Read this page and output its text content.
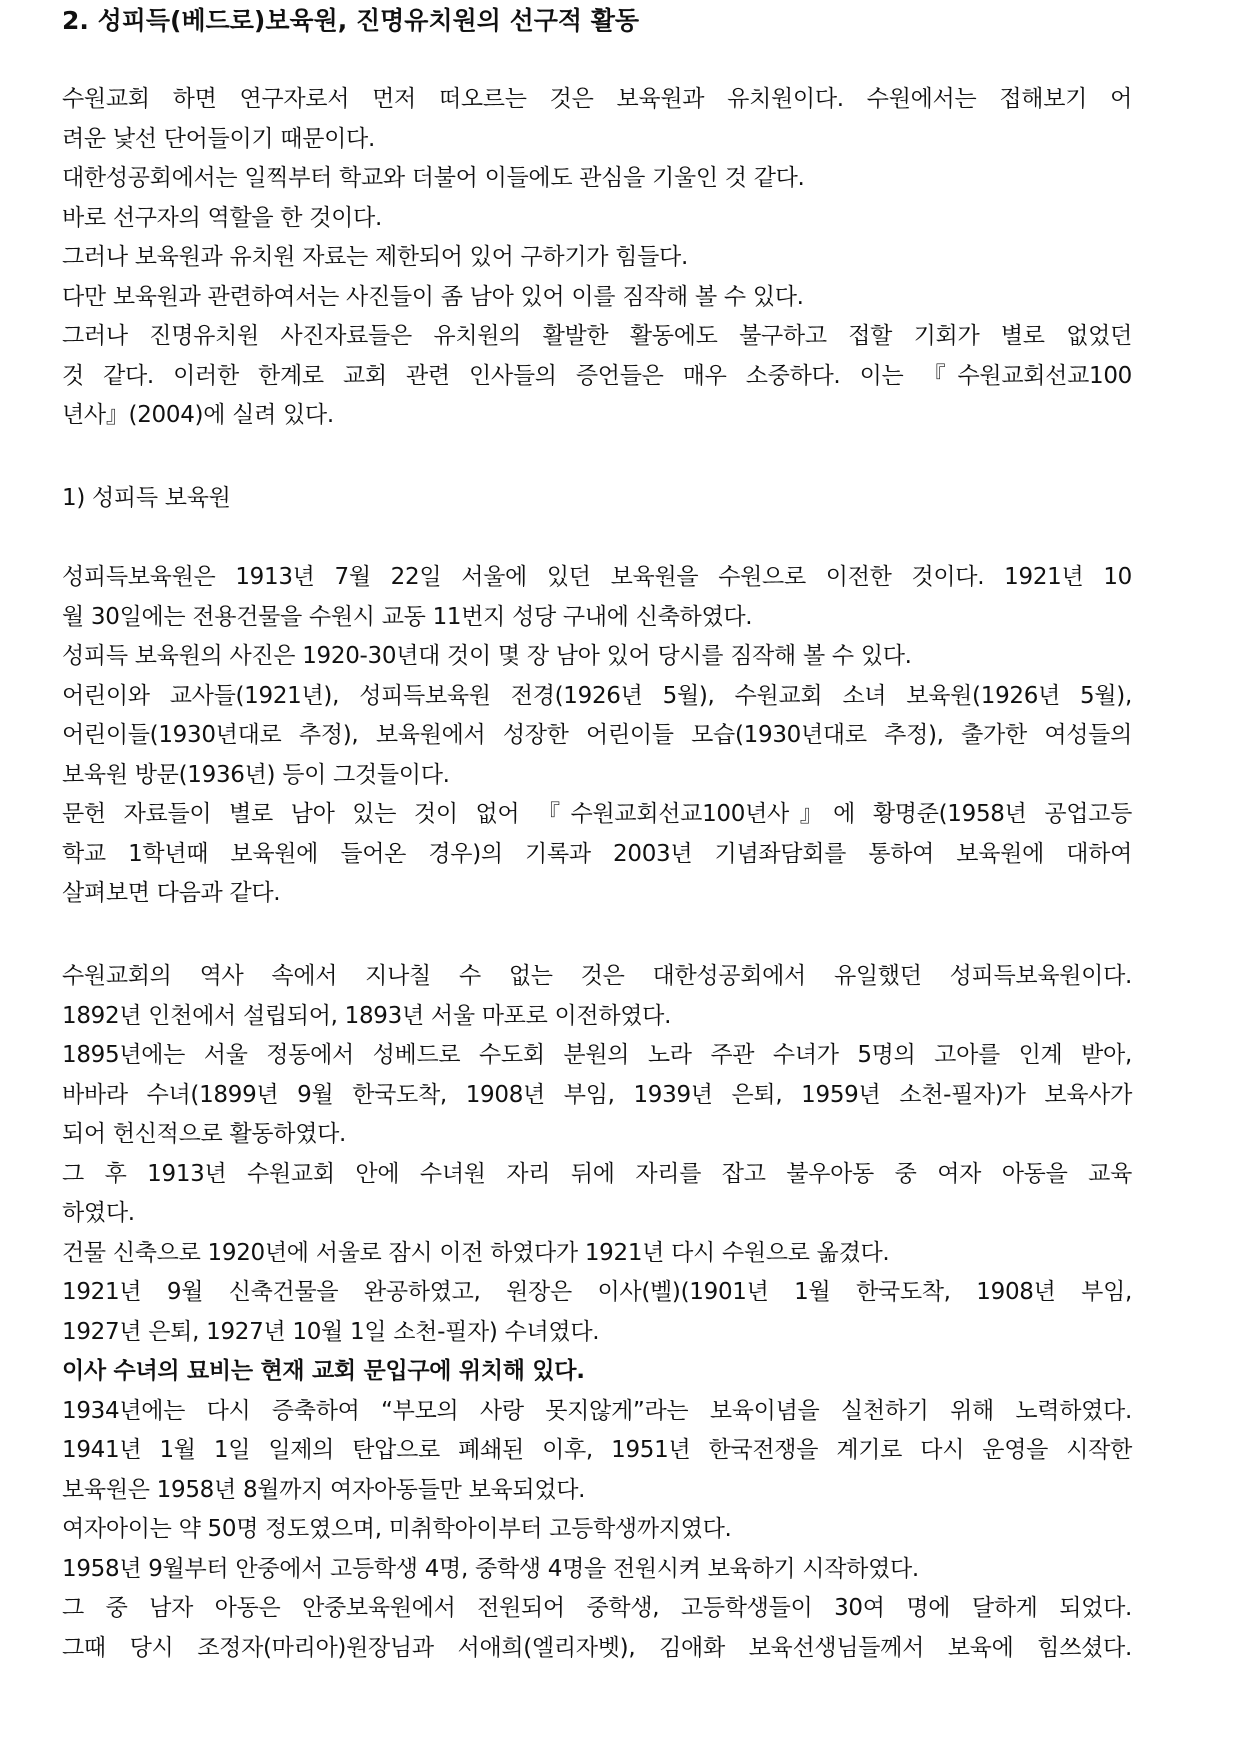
2. 성피득(베드로)보육원, 진명유치원의 선구적 활동
수원교회 하면 연구자로서 먼저 떠오르는 것은 보육원과 유치원이다. 수원에서는 접해보기 어
려운 낯선 단어들이기 때문이다.
대한성공회에서는 일찍부터 학교와 더불어 이들에도 관심을 기울인 것 같다.
바로 선구자의 역할을 한 것이다.
그러나 보육원과 유치원 자료는 제한되어 있어 구하기가 힘들다.
다만 보육원과 관련하여서는 사진들이 좀 남아 있어 이를 짐작해 볼 수 있다.
그러나 진명유치원 사진자료들은 유치원의 활발한 활동에도 불구하고 접할 기회가 별로 없었던
것 같다. 이러한 한계로 교회 관련 인사들의 증언들은 매우 소중하다. 이는 『수원교회선교100
년사』(2004)에 실려 있다.
1) 성피득 보육원
성피득보육원은 1913년 7월 22일 서울에 있던 보육원을 수원으로 이전한 것이다. 1921년 10
월 30일에는 전용건물을 수원시 교동 11번지 성당 구내에 신축하였다.
성피득 보육원의 사진은 1920-30년대 것이 몇 장 남아 있어 당시를 짐작해 볼 수 있다.
어린이와 교사들(1921년), 성피득보육원 전경(1926년 5월), 수원교회 소녀 보육원(1926년 5월),
어린이들(1930년대로 추정), 보육원에서 성장한 어린이들 모습(1930년대로 추정), 출가한 여성들의
보육원 방문(1936년) 등이 그것들이다.
문헌 자료들이 별로 남아 있는 것이 없어 『수원교회선교100년사』에 황명준(1958년 공업고등
학교 1학년때 보육원에 들어온 경우)의 기록과 2003년 기념좌담회를 통하여 보육원에 대하여
살펴보면 다음과 같다.
수원교회의 역사 속에서 지나칠 수 없는 것은 대한성공회에서 유일했던 성피득보육원이다.
1892년 인천에서 설립되어, 1893년 서울 마포로 이전하였다.
1895년에는 서울 정동에서 성베드로 수도회 분원의 노라 주관 수녀가 5명의 고아를 인계 받아,
바바라 수녀(1899년 9월 한국도착, 1908년 부임, 1939년 은퇴, 1959년 소천-필자)가 보육사가
되어 헌신적으로 활동하였다.
그 후 1913년 수원교회 안에 수녀원 자리 뒤에 자리를 잡고 불우아동 중 여자 아동을 교육
하였다.
건물 신축으로 1920년에 서울로 잠시 이전 하였다가 1921년 다시 수원으로 옮겼다.
1921년 9월 신축건물을 완공하였고, 원장은 이사(벨)(1901년 1월 한국도착, 1908년 부임,
1927년 은퇴, 1927년 10월 1일 소천-필자) 수녀였다.
이사 수녀의 묘비는 현재 교회 문입구에 위치해 있다.
1934년에는 다시 증축하여 “부모의 사랑 못지않게”라는 보육이념을 실천하기 위해 노력하였다.
1941년 1월 1일 일제의 탄압으로 폐쇄된 이후, 1951년 한국전쟁을 계기로 다시 운영을 시작한
보육원은 1958년 8월까지 여자아동들만 보육되었다.
여자아이는 약 50명 정도였으며, 미취학아이부터 고등학생까지였다.
1958년 9월부터 안중에서 고등학생 4명, 중학생 4명을 전원시켜 보육하기 시작하였다.
그 중 남자 아동은 안중보육원에서 전원되어 중학생, 고등학생들이 30여 명에 달하게 되었다.
그때 당시 조정자(마리아)원장님과 서애희(엘리자벳), 김애화 보육선생님들께서 보육에 힘쓰셨다.
